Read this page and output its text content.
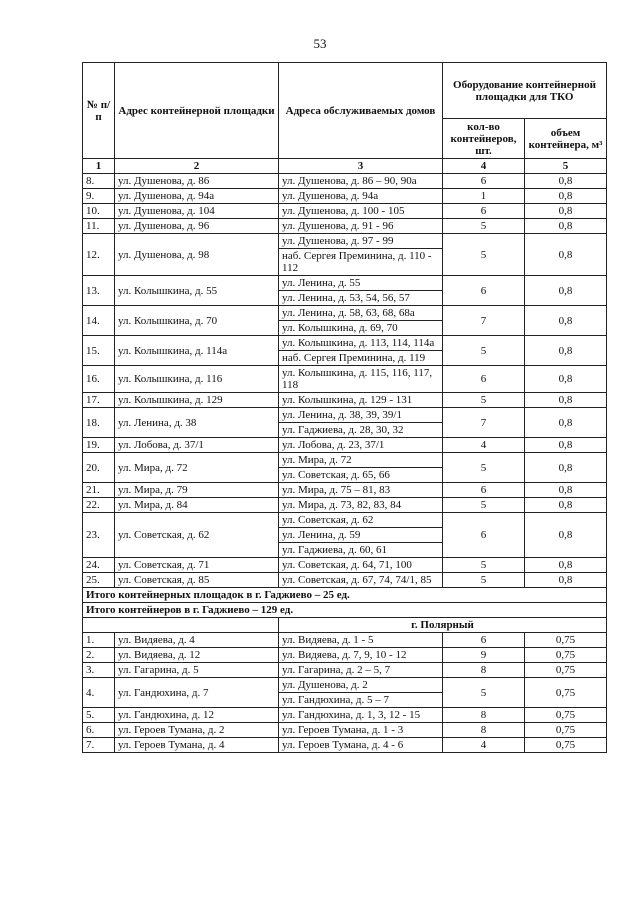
53
№ п/п	Адрес контейнерной площадки	Адреса обслуживаемых домов	Оборудование контейнерной площадки для ТКО	
			кол-во контейнеров, шт.	объем контейнера, м³
1	2	3	4	5
8.	ул. Душенова, д. 86	ул. Душенова, д. 86 – 90, 90а	6	0,8
9.	ул. Душенова, д. 94а	ул. Душенова, д. 94а	1	0,8
10.	ул. Душенова, д. 104	ул. Душенова, д. 100 - 105	6	0,8
11.	ул. Душенова, д. 96	ул. Душенова, д. 91 - 96	5	0,8
12.	ул. Душенова, д. 98	ул. Душенова, д. 97 - 99	5	0,8
		наб. Сергея Преминина, д. 110 - 112		
13.	ул. Колышкина, д. 55	ул. Ленина, д. 55	6	0,8
		ул. Ленина, д. 53, 54, 56, 57		
14.	ул. Колышкина, д. 70	ул. Ленина, д. 58, 63, 68, 68а	7	0,8
		ул. Колышкина, д. 69, 70		
15.	ул. Колышкина, д. 114а	ул. Колышкина, д. 113, 114, 114а	5	0,8
		наб. Сергея Преминина, д. 119		
16.	ул. Колышкина, д. 116	ул. Колышкина, д. 115, 116, 117, 118	6	0,8
17.	ул. Колышкина, д. 129	ул. Колышкина, д. 129 - 131	5	0,8
18.	ул. Ленина, д. 38	ул. Ленина, д. 38, 39, 39/1	7	0,8
		ул. Гаджиева, д. 28, 30, 32		
19.	ул. Лобова, д. 37/1	ул. Лобова, д. 23, 37/1	4	0,8
20.	ул. Мира, д. 72	ул. Мира, д. 72	5	0,8
		ул. Советская, д. 65, 66		
21.	ул. Мира, д. 79	ул. Мира, д. 75 – 81, 83	6	0,8
22.	ул. Мира, д. 84	ул. Мира, д. 73, 82, 83, 84	5	0,8
23.	ул. Советская, д. 62	ул. Советская, д. 62	6	0,8
		ул. Ленина, д. 59		
		ул. Гаджиева, д. 60, 61		
24.	ул. Советская, д. 71	ул. Советская, д. 64, 71, 100	5	0,8
25.	ул. Советская, д. 85	ул. Советская, д. 67, 74, 74/1, 85	5	0,8
Итого контейнерных площадок в г. Гаджиево – 25 ед.				
Итого контейнеров в г. Гаджиево – 129 ед.				
		г. Полярный		
1.	ул. Видяева, д. 4	ул. Видяева, д. 1 - 5	6	0,75
2.	ул. Видяева, д. 12	ул. Видяева, д. 7, 9, 10 - 12	9	0,75
3.	ул. Гагарина, д. 5	ул. Гагарина, д. 2 – 5, 7	8	0,75
4.	ул. Гандюхина, д. 7	ул. Душенова, д. 2	5	0,75
		ул. Гандюхина, д. 5 – 7		
5.	ул. Гандюхина, д. 12	ул. Гандюхина, д. 1, 3, 12 - 15	8	0,75
6.	ул. Героев Тумана, д. 2	ул. Героев Тумана, д. 1 - 3	8	0,75
7.	ул. Героев Тумана, д. 4	ул. Героев Тумана, д. 4 - 6	4	0,75
